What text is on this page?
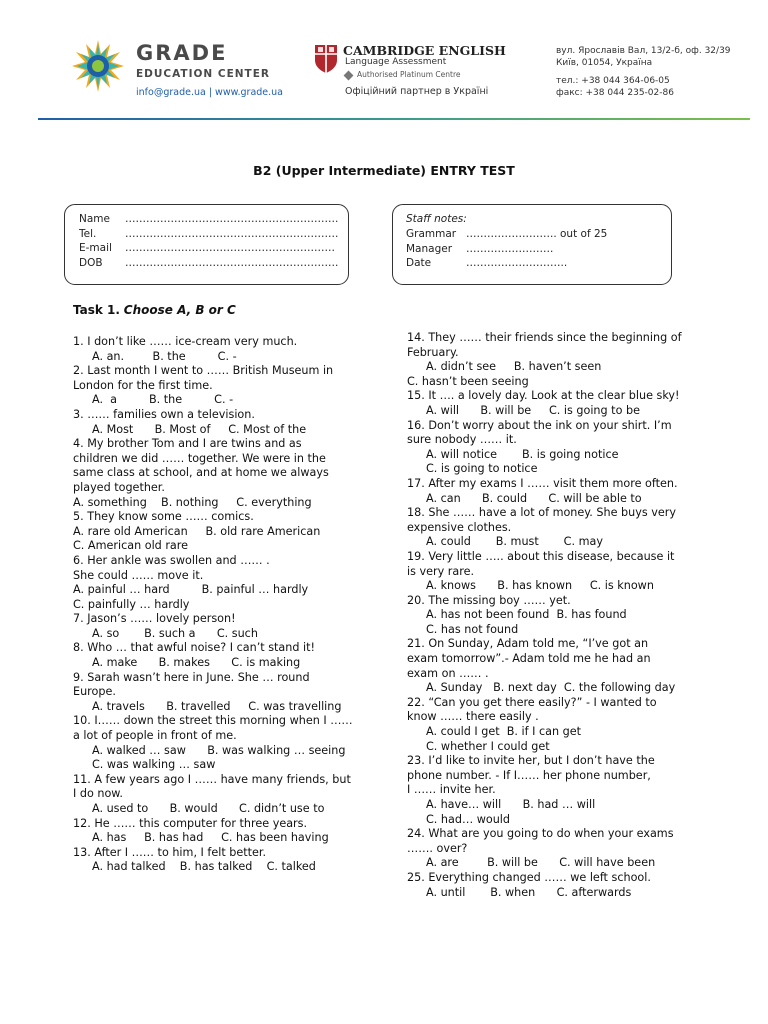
GRADE
EDUCATION CENTER
info@grade.ua | www.grade.ua
CAMBRIDGE ENGLISH
Language Assessment
Authorised Platinum Centre
Офіційний партнер в Україні
вул. Ярославів Вал, 13/2-б, оф. 32/39
Київ, 01054, Україна
тел.: +38 044 364-06-05
факс: +38 044 235-02-86
B2 (Upper Intermediate) ENTRY TEST
Name …………………………………………………….
Tel.	…………………………………………………….
E-mail ……………………………………………………
DOB …………………………………………………….
Staff notes:
Grammar …………………….. out of 25
Manager …………………….
Date	………………………..
Task 1. Choose A, B or C
1. I don’t like …… ice-cream very much.
A. an.        B. the         C. -
2. Last month I went to …… British Museum in
London for the first time.
A.  a         B. the         C. -
3. …… families own a television.
A. Most      B. Most of     C. Most of the
4. My brother Tom and I are twins and as
children we did …… together. We were in the
same class at school, and at home we always
played together.
A. something    B. nothing     C. everything
5. They know some …… comics.
A. rare old American     B. old rare American
C. American old rare
6. Her ankle was swollen and …… .
She could …… move it.
A. painful … hard         B. painful … hardly
C. painfully … hardly
7. Jason’s …… lovely person!
A. so       B. such a      C. such
8. Who … that awful noise? I can’t stand it!
A. make      B. makes      C. is making
9. Sarah wasn’t here in June. She … round
Europe.
A. travels      B. travelled     C. was travelling
10. I…… down the street this morning when I ……
a lot of people in front of me.
A. walked … saw      B. was walking … seeing
C. was walking … saw
11. A few years ago I …… have many friends, but
I do now.
A. used to      B. would      C. didn’t use to
12. He …… this computer for three years.
A. has     B. has had     C. has been having
13. After I …… to him, I felt better.
A. had talked    B. has talked    C. talked
14. They …… their friends since the beginning of
February.
A. didn’t see     B. haven’t seen
C. hasn’t been seeing
15. It …. a lovely day. Look at the clear blue sky!
A. will      B. will be     C. is going to be
16. Don’t worry about the ink on your shirt. I’m
sure nobody …… it.
A. will notice       B. is going notice
C. is going to notice
17. After my exams I …… visit them more often.
A. can      B. could      C. will be able to
18. She …… have a lot of money. She buys very
expensive clothes.
A. could       B. must       C. may
19. Very little ….. about this disease, because it
is very rare.
A. knows      B. has known     C. is known
20. The missing boy …… yet.
A. has not been found  B. has found
C. has not found
21. On Sunday, Adam told me, “I’ve got an
exam tomorrow”.- Adam told me he had an
exam on …… .
A. Sunday   B. next day  C. the following day
22. “Can you get there easily?” - I wanted to
know …… there easily .
A. could I get  B. if I can get
C. whether I could get
23. I’d like to invite her, but I don’t have the
phone number. - If I…… her phone number,
I …… invite her.
A. have… will      B. had … will
C. had… would
24. What are you going to do when your exams
……. over?
A. are        B. will be      C. will have been
25. Everything changed …… we left school.
A. until       B. when      C. afterwards
